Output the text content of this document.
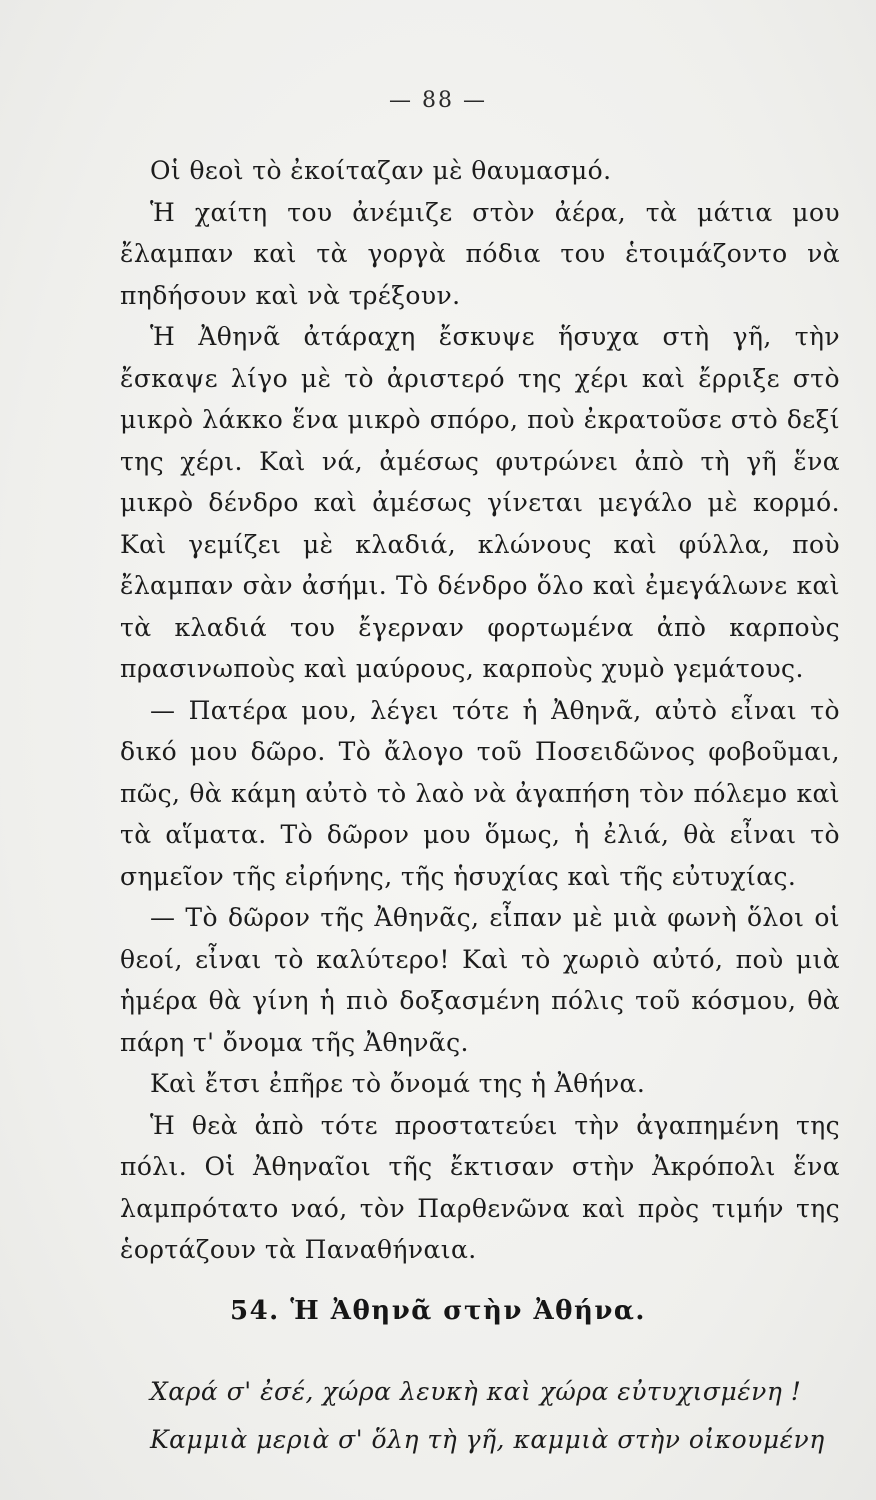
— 88 —

Οἱ θεοὶ τὸ ἐκοίταζαν μὲ θαυμασμό.

Ἡ χαίτη του ἀνέμιζε στὸν ἀέρα, τὰ μάτια μου ἔλαμπαν καὶ τὰ γοργὰ πόδια του ἑτοιμάζοντο νὰ πηδήσουν καὶ νὰ τρέξουν.

Ἡ Ἀθηνᾶ ἀτάραχη ἔσκυψε ἥσυχα στὴ γῆ, τὴν ἔσκαψε λίγο μὲ τὸ ἀριστερό της χέρι καὶ ἔρριξε στὸ μικρὸ λάκκο ἕνα μικρὸ σπόρο, ποὺ ἐκρατοῦσε στὸ δεξί της χέρι. Καὶ νά, ἀμέσως φυτρώνει ἀπὸ τὴ γῆ ἕνα μικρὸ δένδρο καὶ ἀμέσως γίνεται μεγάλο μὲ κορμό. Καὶ γεμίζει μὲ κλαδιά, κλώνους καὶ φύλλα, ποὺ ἔλαμπαν σὰν ἀσήμι. Τὸ δένδρο ὅλο καὶ ἐμεγάλωνε καὶ τὰ κλαδιά του ἔγερναν φορτωμένα ἀπὸ καρποὺς πρασινωποὺς καὶ μαύρους, καρποὺς χυμὸ γεμάτους.

— Πατέρα μου, λέγει τότε ἡ Ἀθηνᾶ, αὐτὸ εἶναι τὸ δικό μου δῶρο. Τὸ ἄλογο τοῦ Ποσειδῶνος φοβοῦμαι, πῶς, θὰ κάμη αὐτὸ τὸ λαὸ νὰ ἀγαπήση τὸν πόλεμο καὶ τὰ αἵματα. Τὸ δῶρον μου ὅμως, ἡ ἐλιά, θὰ εἶναι τὸ σημεῖον τῆς εἰρήνης, τῆς ἡσυχίας καὶ τῆς εὐτυχίας.

— Τὸ δῶρον τῆς Ἀθηνᾶς, εἶπαν μὲ μιὰ φωνὴ ὅλοι οἱ θεοί, εἶναι τὸ καλύτερο! Καὶ τὸ χωριὸ αὐτό, ποὺ μιὰ ἡμέρα θὰ γίνη ἡ πιὸ δοξασμένη πόλις τοῦ κόσμου, θὰ πάρη τ' ὄνομα τῆς Ἀθηνᾶς.

Καὶ ἔτσι ἐπῆρε τὸ ὄνομά της ἡ Ἀθήνα.

Ἡ θεὰ ἀπὸ τότε προστατεύει τὴν ἀγαπημένη της πόλι. Οἱ Ἀθηναῖοι τῆς ἔκτισαν στὴν Ἀκρόπολι ἕνα λαμπρότατο ναό, τὸν Παρθενῶνα καὶ πρὸς τιμήν της ἑορτάζουν τὰ Παναθήναια.

54. Ἡ Ἀθηνᾶ στὴν Ἀθήνα.
Χαρά σ' ἐσέ, χώρα λευκὴ καὶ χώρα εὐτυχισμένη !
Καμμιὰ μεριὰ σ' ὅλη τὴ γῆ, καμμιὰ στὴν οἰκουμένη
